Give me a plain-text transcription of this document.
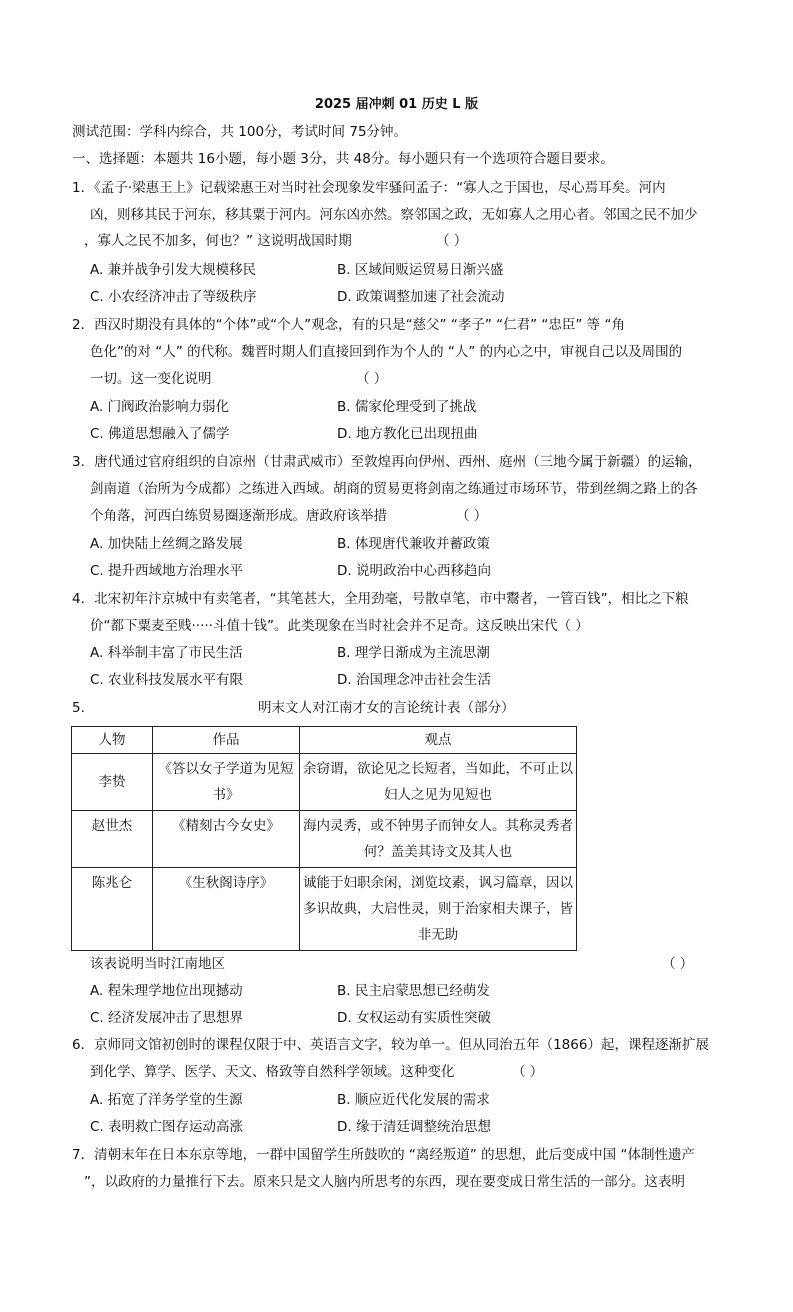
2025 届冲刺 01 历史 L 版
测试范围：学科内综合，共 100分，考试时间 75分钟。
一、选择题：本题共 16小题，每小题 3分，共 48分。每小题只有一个选项符合题目要求。
1．《孟子·梁惠王上》记载梁惠王对当时社会现象发牢骚问孟子：“寡人之于国也，尽心焉耳矣。河内
凶，则移其民于河东，移其粟于河内。河东凶亦然。察邻国之政，无如寡人之用心者。邻国之民不加少
，寡人之民不加多，何也？” 这说明战国时期	（ ）
A. 兼并战争引发大规模移民	B. 区域间贩运贸易日渐兴盛
C. 小农经济冲击了等级秩序	D. 政策调整加速了社会流动
2．西汉时期没有具体的“个体”或“个人”观念，有的只是“慈父” “孝子” “仁君” “忠臣” 等 “角
色化”的对 “人” 的代称。魏晋时期人们直接回到作为个人的 “人” 的内心之中，审视自己以及周围的
一切。这一变化说明	（ ）
A. 门阀政治影响力弱化	B. 儒家伦理受到了挑战
C. 佛道思想融入了儒学	D. 地方教化已出现扭曲
3．唐代通过官府组织的自凉州（甘肃武威市）至敦煌再向伊州、西州、庭州（三地今属于新疆）的运输，
剑南道（治所为今成都）之练进入西域。胡商的贸易更将剑南之练通过市场环节，带到丝绸之路上的各
个角落，河西白练贸易圈逐渐形成。唐政府该举措	（ ）
A. 加快陆上丝绸之路发展	B. 体现唐代兼收并蓄政策
C. 提升西域地方治理水平	D. 说明政治中心西移趋向
4．北宋初年汴京城中有卖笔者，“其笔甚大，全用劲毫，号散卓笔，市中鬻者，一管百钱”，相比之下粮
价“都下粟麦至贱·····斗值十钱”。此类现象在当时社会并不足奇。这反映出宋代（ ）
A. 科举制丰富了市民生活	B. 理学日渐成为主流思潮
C. 农业科技发展水平有限	D. 治国理念冲击社会生活
5.	明末文人对江南才女的言论统计表（部分）
人物	作品	观点
李贽	《答以女子学道为见短书》	余窃谓，欲论见之长短者，当如此，不可止以妇人之见为见短也
赵世杰	《精刻古今女史》	海内灵秀，或不钟男子而钟女人。其称灵秀者何？盖美其诗文及其人也
陈兆仑	《生秋阁诗序》	诚能于妇职余闲，浏览坟素，讽习篇章，因以多识故典，大启性灵，则于治家相夫课子，皆非无助
该表说明当时江南地区	（ ）
A. 程朱理学地位出现撼动	B. 民主启蒙思想已经萌发
C. 经济发展冲击了思想界	D. 女权运动有实质性突破
6．京师同文馆初创时的课程仅限于中、英语言文字，较为单一。但从同治五年（1866）起，课程逐渐扩展
到化学、算学、医学、天文、格致等自然科学领域。这种变化	（ ）
A. 拓宽了洋务学堂的生源	B. 顺应近代化发展的需求
C. 表明救亡图存运动高涨	D. 缘于清廷调整统治思想
7．清朝末年在日本东京等地，一群中国留学生所鼓吹的 “离经叛道” 的思想，此后变成中国 “体制性遗产
”，以政府的力量推行下去。原来只是文人脑内所思考的东西，现在要变成日常生活的一部分。这表明
